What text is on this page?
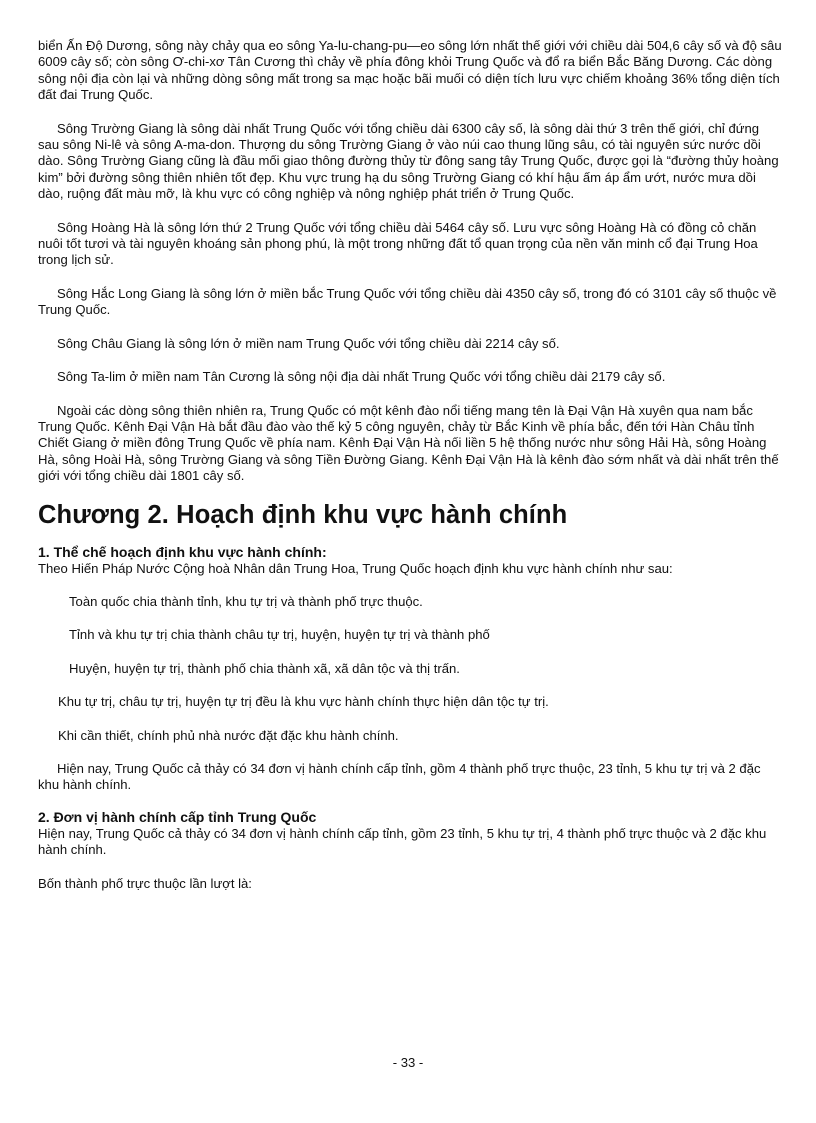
biển Ấn Độ Dương, sông này chảy qua eo sông Ya-lu-chang-pu—eo sông lớn nhất thế giới với chiều dài 504,6 cây số và độ sâu 6009 cây số; còn sông Ơ-chi-xơ Tân Cương thì chảy về phía đông khỏi Trung Quốc và đổ ra biển Bắc Băng Dương. Các dòng sông nội địa còn lại và những dòng sông mất trong sa mạc hoặc bãi muối có diện tích lưu vực chiếm khoảng 36% tổng diện tích đất đai Trung Quốc.

Sông Trường Giang là sông dài nhất Trung Quốc với tổng chiều dài 6300 cây số, là sông dài thứ 3 trên thế giới, chỉ đứng sau sông Ni-lê và sông A-ma-don. Thượng du sông Trường Giang ở vào núi cao thung lũng sâu, có tài nguyên sức nước dồi dào. Sông Trường Giang cũng là đầu mối giao thông đường thủy từ đông sang tây Trung Quốc, được gọi là “đường thủy hoàng kim” bởi đường sông thiên nhiên tốt đẹp. Khu vực trung hạ du sông Trường Giang có khí hậu ấm áp ẩm ướt, nước mưa dồi dào, ruộng đất màu mỡ, là khu vực có công nghiệp và nông nghiệp phát triển ở Trung Quốc.

Sông Hoàng Hà là sông lớn thứ 2 Trung Quốc với tổng chiều dài 5464 cây số. Lưu vực sông Hoàng Hà có đồng cỏ chăn nuôi tốt tươi và tài nguyên khoáng sản phong phú, là một trong những đất tổ quan trọng của nền văn minh cổ đại Trung Hoa trong lịch sử.

Sông Hắc Long Giang là sông lớn ở miền bắc Trung Quốc với tổng chiều dài 4350 cây số, trong đó có 3101 cây số thuộc về Trung Quốc.

Sông Châu Giang là sông lớn ở miền nam Trung Quốc với tổng chiều dài 2214 cây số.

Sông Ta-lim ở miền nam Tân Cương là sông nội địa dài nhất Trung Quốc với tổng chiều dài 2179 cây số.

Ngoài các dòng sông thiên nhiên ra, Trung Quốc có một kênh đào nổi tiếng mang tên là Đại Vận Hà xuyên qua nam bắc Trung Quốc. Kênh Đại Vận Hà bắt đầu đào vào thế kỷ 5 công nguyên, chảy từ Bắc Kinh về phía bắc, đến tới Hàn Châu tỉnh Chiết Giang ở miền đông Trung Quốc về phía nam. Kênh Đại Vận Hà nối liền 5 hệ thống nước như sông Hải Hà, sông Hoàng Hà, sông Hoài Hà, sông Trường Giang và sông Tiền Đường Giang. Kênh Đại Vận Hà là kênh đào sớm nhất và dài nhất trên thế giới với tổng chiều dài 1801 cây số.

Chương 2. Hoạch định khu vực hành chính
1. Thể chế hoạch định khu vực hành chính:

Theo Hiến Pháp Nước Cộng hoà Nhân dân Trung Hoa, Trung Quốc hoạch định khu vực hành chính như sau:

Toàn quốc chia thành tỉnh, khu tự trị và thành phố trực thuộc.

Tỉnh và khu tự trị chia thành châu tự trị, huyện, huyện tự trị và thành phố

Huyện, huyện tự trị, thành phố chia thành xã, xã dân tộc và thị trấn.

Khu tự trị, châu tự trị, huyện tự trị đều là khu vực hành chính thực hiện dân tộc tự trị.

Khi cần thiết, chính phủ nhà nước đặt đặc khu hành chính.

Hiện nay, Trung Quốc cả thảy có 34 đơn vị hành chính cấp tỉnh, gồm 4 thành phố trực thuộc, 23 tỉnh, 5 khu tự trị và 2 đặc khu hành chính.

2. Đơn vị hành chính cấp tỉnh Trung Quốc

Hiện nay, Trung Quốc cả thảy có 34 đơn vị hành chính cấp tỉnh, gồm 23 tỉnh, 5 khu tự trị, 4 thành phố trực thuộc và 2 đặc khu hành chính.

Bốn thành phố trực thuộc lần lượt là:

- 33 -
